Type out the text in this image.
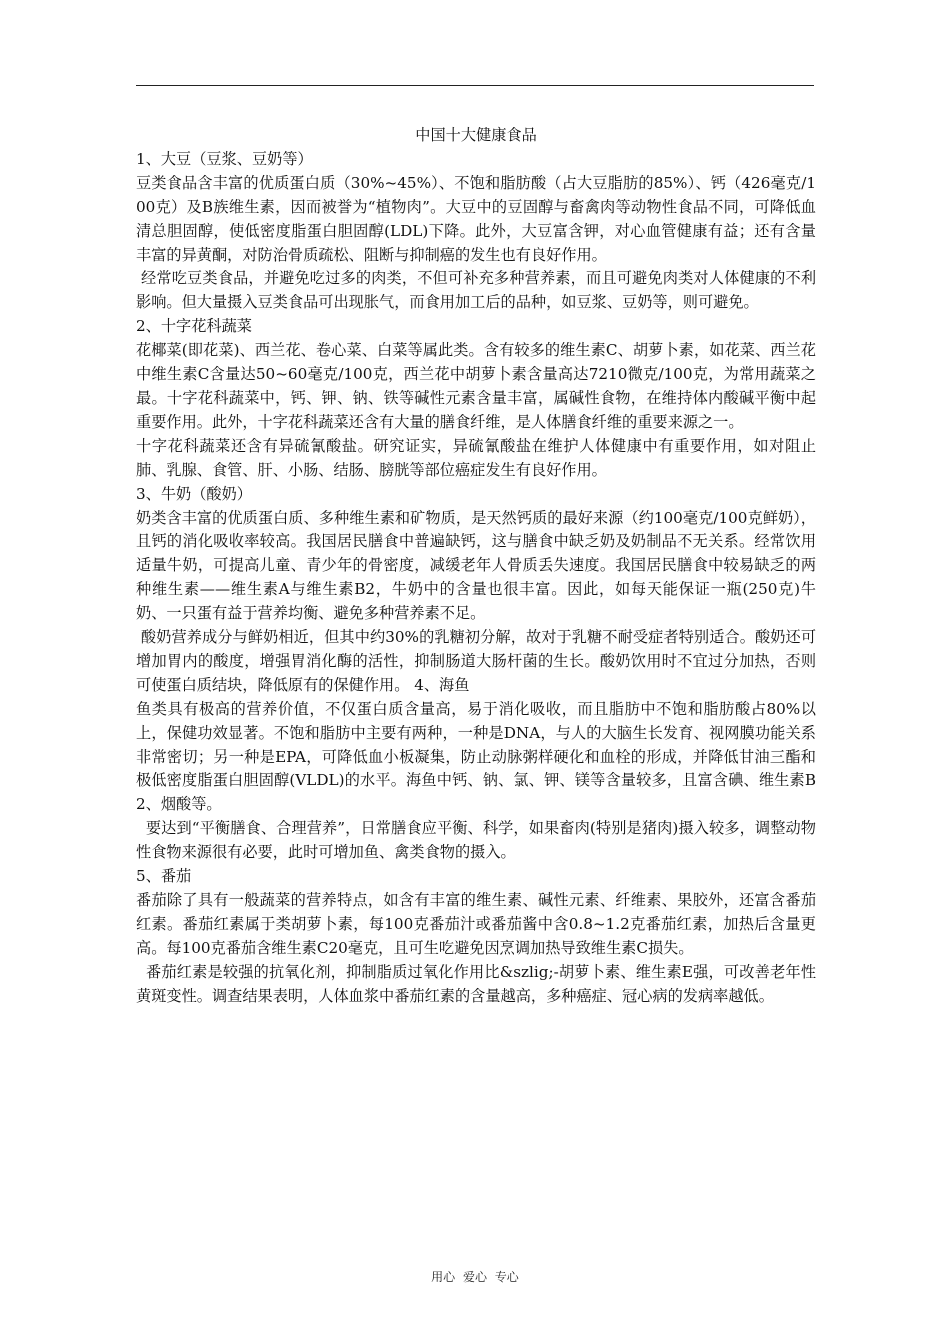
中国十大健康食品

1、大豆（豆浆、豆奶等）

豆类食品含丰富的优质蛋白质（30%~45%）、不饱和脂肪酸（占大豆脂肪的85%）、钙（426毫克/100克）及B族维生素，因而被誉为“植物肉”。大豆中的豆固醇与畜禽肉等动物性食品不同，可降低血清总胆固醇，使低密度脂蛋白胆固醇(LDL)下降。此外，大豆富含钾，对心血管健康有益；还有含量丰富的异黄酮，对防治骨质疏松、阻断与抑制癌的发生也有良好作用。

经常吃豆类食品，并避免吃过多的肉类，不但可补充多种营养素，而且可避免肉类对人体健康的不利影响。但大量摄入豆类食品可出现胀气，而食用加工后的品种，如豆浆、豆奶等，则可避免。

2、十字花科蔬菜

花椰菜(即花菜)、西兰花、卷心菜、白菜等属此类。含有较多的维生素C、胡萝卜素，如花菜、西兰花中维生素C含量达50~60毫克/100克，西兰花中胡萝卜素含量高达7210微克/100克，为常用蔬菜之最。十字花科蔬菜中，钙、钾、钠、铁等碱性元素含量丰富，属碱性食物，在维持体内酸碱平衡中起重要作用。此外，十字花科蔬菜还含有大量的膳食纤维，是人体膳食纤维的重要来源之一。

十字花科蔬菜还含有异硫氰酸盐。研究证实，异硫氰酸盐在维护人体健康中有重要作用，如对阻止肺、乳腺、食管、肝、小肠、结肠、膀胱等部位癌症发生有良好作用。

3、牛奶（酸奶）

奶类含丰富的优质蛋白质、多种维生素和矿物质，是天然钙质的最好来源（约100毫克/100克鲜奶），且钙的消化吸收率较高。我国居民膳食中普遍缺钙，这与膳食中缺乏奶及奶制品不无关系。经常饮用适量牛奶，可提高儿童、青少年的骨密度，减缓老年人骨质丢失速度。我国居民膳食中较易缺乏的两种维生素——维生素A与维生素B2，牛奶中的含量也很丰富。因此，如每天能保证一瓶(250克)牛奶、一只蛋有益于营养均衡、避免多种营养素不足。

酸奶营养成分与鲜奶相近，但其中约30%的乳糖初分解，故对于乳糖不耐受症者特别适合。酸奶还可增加胃内的酸度，增强胃消化酶的活性，抑制肠道大肠杆菌的生长。酸奶饮用时不宜过分加热，否则可使蛋白质结块，降低原有的保健作用。 4、海鱼

鱼类具有极高的营养价值，不仅蛋白质含量高，易于消化吸收，而且脂肪中不饱和脂肪酸占80%以上，保健功效显著。不饱和脂肪中主要有两种，一种是DNA，与人的大脑生长发育、视网膜功能关系非常密切；另一种是EPA，可降低血小板凝集，防止动脉粥样硬化和血栓的形成，并降低甘油三酯和极低密度脂蛋白胆固醇(VLDL)的水平。海鱼中钙、钠、氯、钾、镁等含量较多，且富含碘、维生素B2、烟酸等。

要达到“平衡膳食、合理营养”，日常膳食应平衡、科学，如果畜肉(特别是猪肉)摄入较多，调整动物性食物来源很有必要，此时可增加鱼、禽类食物的摄入。

5、番茄

番茄除了具有一般蔬菜的营养特点，如含有丰富的维生素、碱性元素、纤维素、果胶外，还富含番茄红素。番茄红素属于类胡萝卜素，每100克番茄汁或番茄酱中含0.8~1.2克番茄红素，加热后含量更高。每100克番茄含维生素C20毫克，且可生吃避免因烹调加热导致维生素C损失。

番茄红素是较强的抗氧化剂，抑制脂质过氧化作用比&szlig;-胡萝卜素、维生素E强，可改善老年性黄斑变性。调查结果表明，人体血浆中番茄红素的含量越高，多种癌症、冠心病的发病率越低。

用心 爱心 专心
